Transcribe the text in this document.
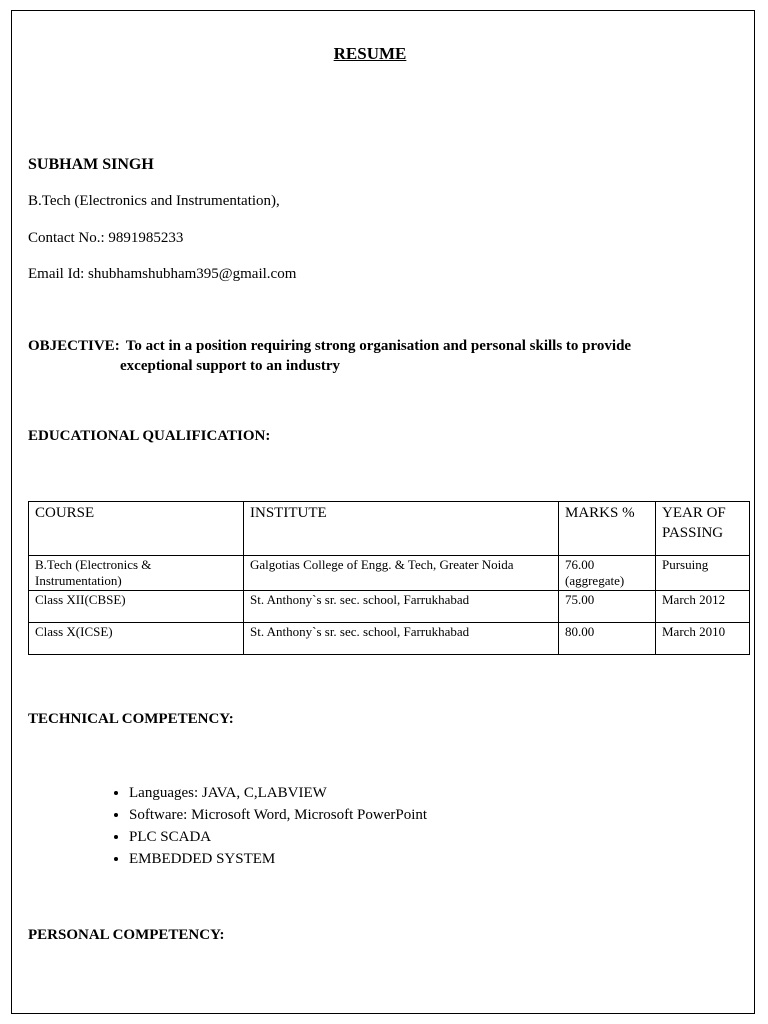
RESUME
SUBHAM SINGH
B.Tech (Electronics and Instrumentation),
Contact No.: 9891985233
Email Id: shubhamshubham395@gmail.com
OBJECTIVE: To act in a position requiring strong organisation and personal skills to provide
exceptional support to an industry
EDUCATIONAL QUALIFICATION:
COURSE	INSTITUTE	MARKS %	YEAR OF PASSING
B.Tech (Electronics & Instrumentation)	Galgotias College of Engg. & Tech, Greater Noida	76.00 (aggregate)	Pursuing
Class XII(CBSE)	St. Anthony`s sr. sec. school, Farrukhabad	75.00	March 2012
Class X(ICSE)	St. Anthony`s sr. sec. school, Farrukhabad	80.00	March 2010
TECHNICAL COMPETENCY:
• Languages: JAVA, C,LABVIEW
• Software: Microsoft Word, Microsoft PowerPoint
• PLC SCADA
• EMBEDDED SYSTEM
PERSONAL COMPETENCY:
